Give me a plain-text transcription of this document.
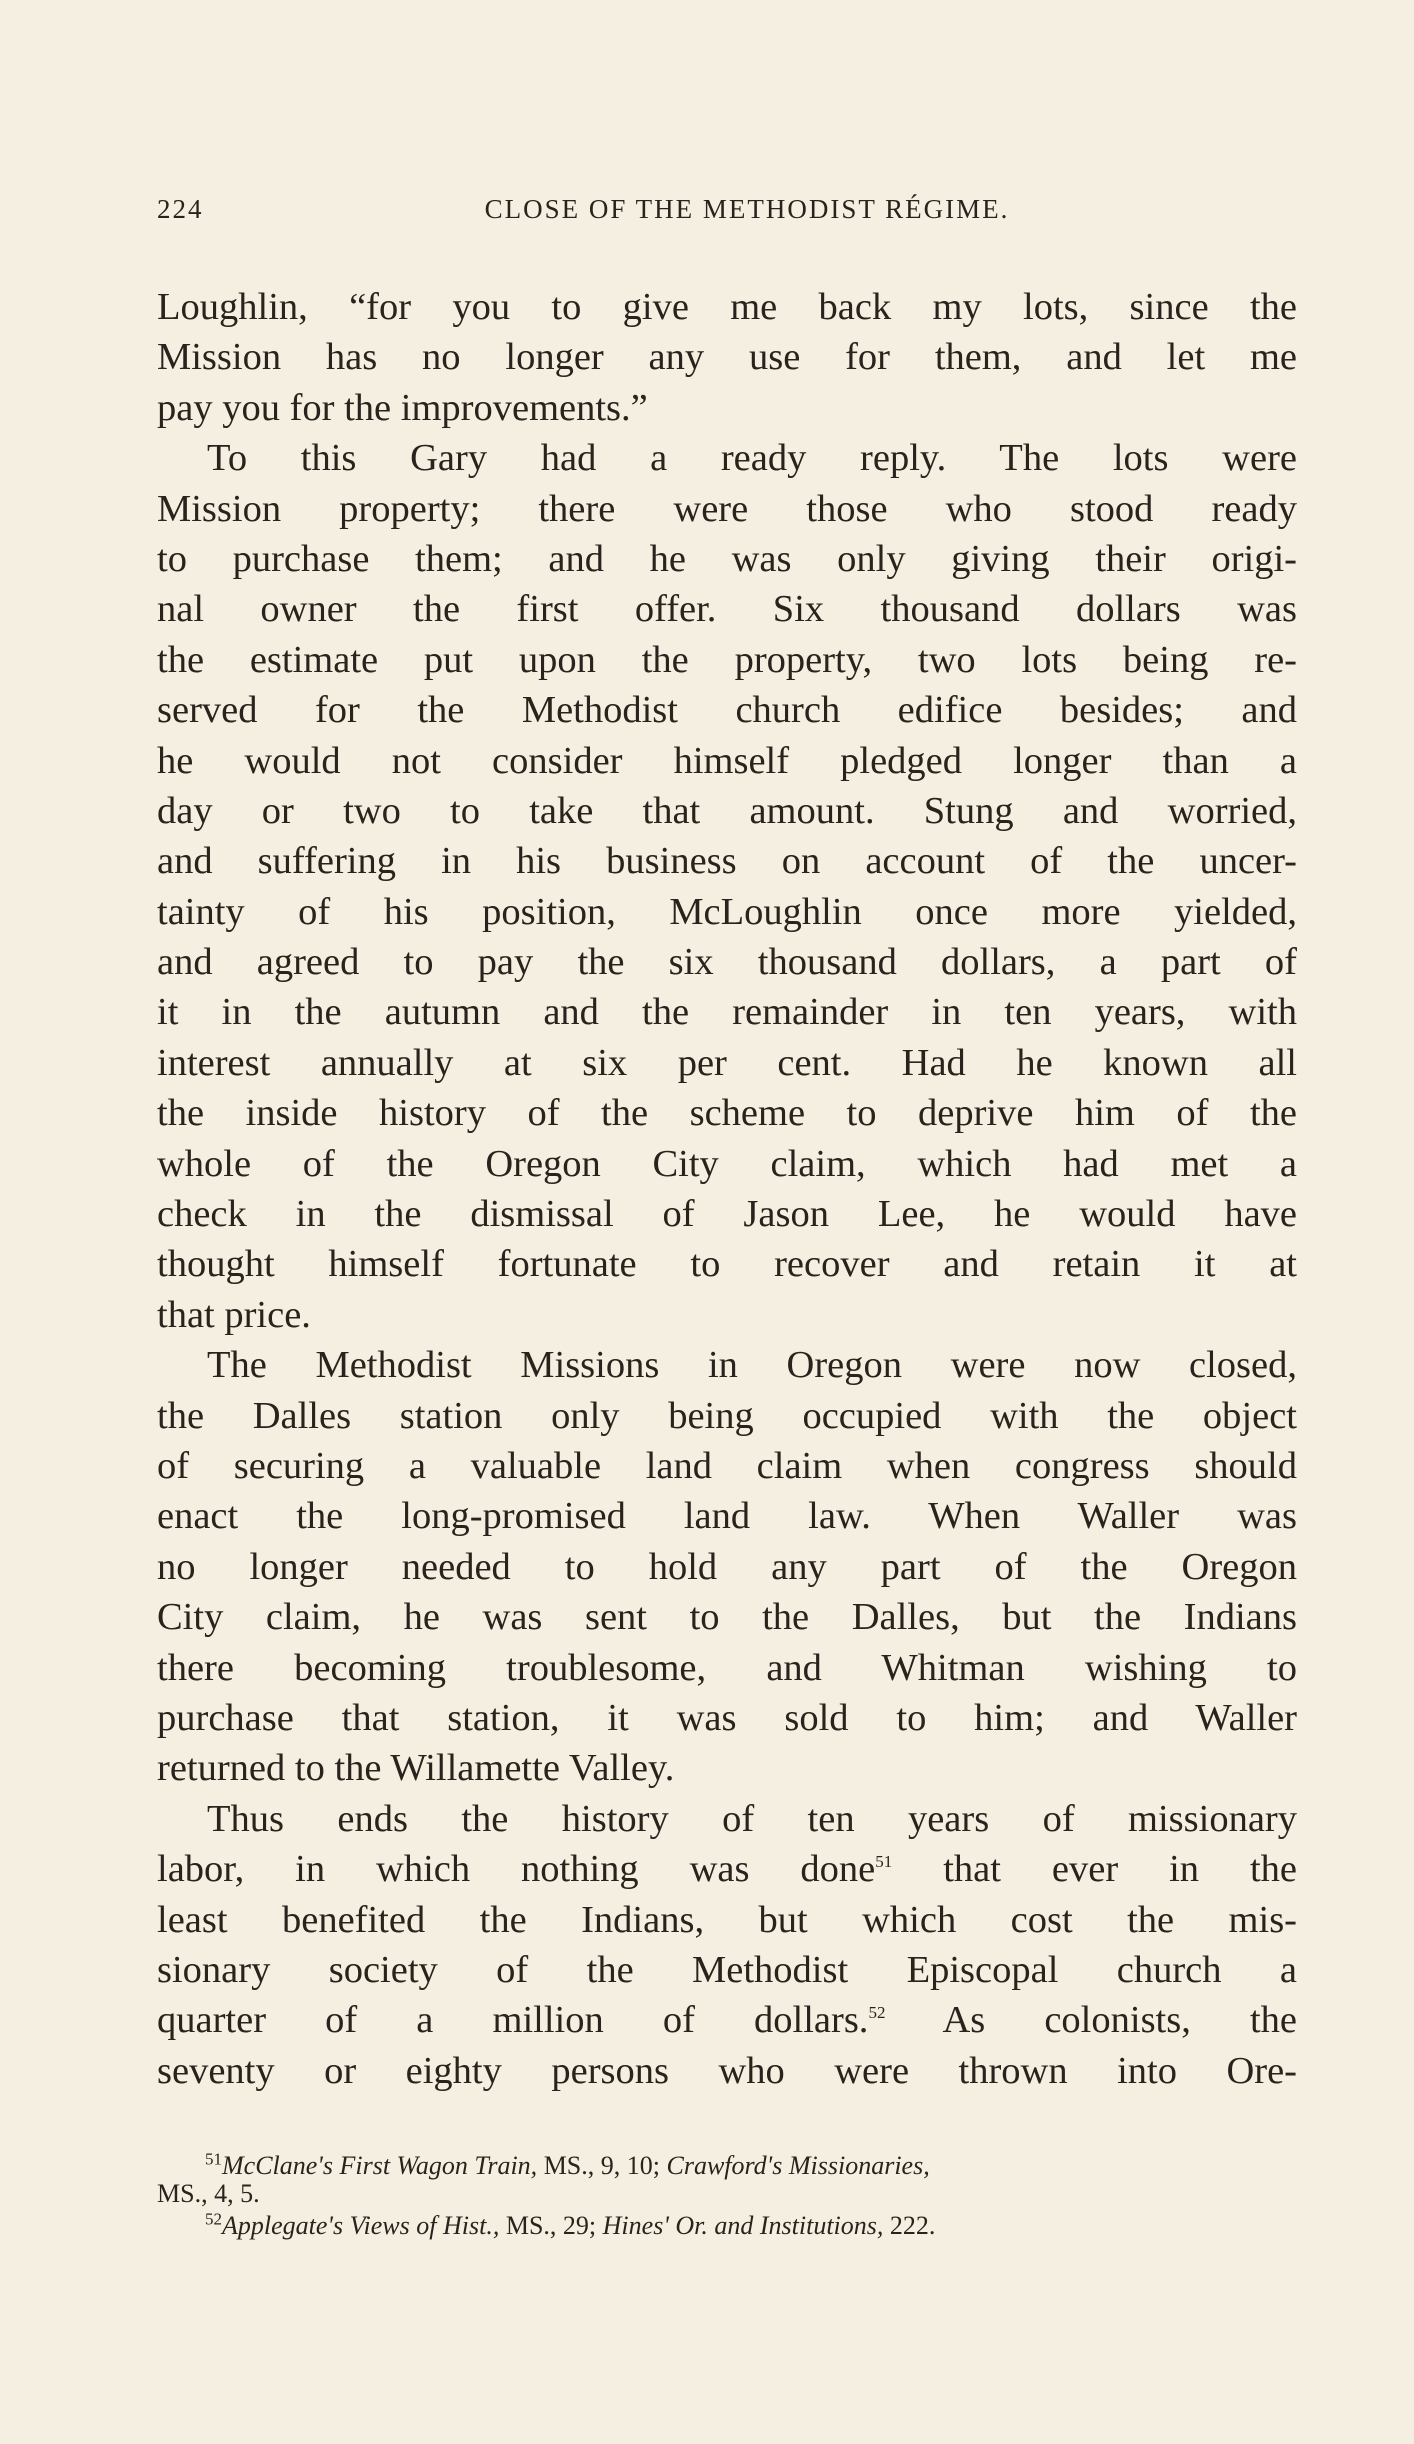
224	CLOSE OF THE METHODIST RÉGIME.
Loughlin, “for you to give me back my lots, since the
Mission has no longer any use for them, and let me
pay you for the improvements.”
To this Gary had a ready reply. The lots were
Mission property; there were those who stood ready
to purchase them; and he was only giving their origi-
nal owner the first offer. Six thousand dollars was
the estimate put upon the property, two lots being re-
served for the Methodist church edifice besides; and
he would not consider himself pledged longer than a
day or two to take that amount. Stung and worried,
and suffering in his business on account of the uncer-
tainty of his position, McLoughlin once more yielded,
and agreed to pay the six thousand dollars, a part of
it in the autumn and the remainder in ten years, with
interest annually at six per cent. Had he known all
the inside history of the scheme to deprive him of the
whole of the Oregon City claim, which had met a
check in the dismissal of Jason Lee, he would have
thought himself fortunate to recover and retain it at
that price.
The Methodist Missions in Oregon were now closed,
the Dalles station only being occupied with the object
of securing a valuable land claim when congress should
enact the long-promised land law. When Waller was
no longer needed to hold any part of the Oregon
City claim, he was sent to the Dalles, but the Indians
there becoming troublesome, and Whitman wishing to
purchase that station, it was sold to him; and Waller
returned to the Willamette Valley.
Thus ends the history of ten years of missionary
labor, in which nothing was done$^{51}$ that ever in the
least benefited the Indians, but which cost the mis-
sionary society of the Methodist Episcopal church a
quarter of a million of dollars.$^{52}$ As colonists, the
seventy or eighty persons who were thrown into Ore-
$^{51}$McClane's First Wagon Train, MS., 9, 10; Crawford's Missionaries,
MS., 4, 5.
$^{52}$Applegate's Views of Hist., MS., 29; Hines' Or. and Institutions, 222.
